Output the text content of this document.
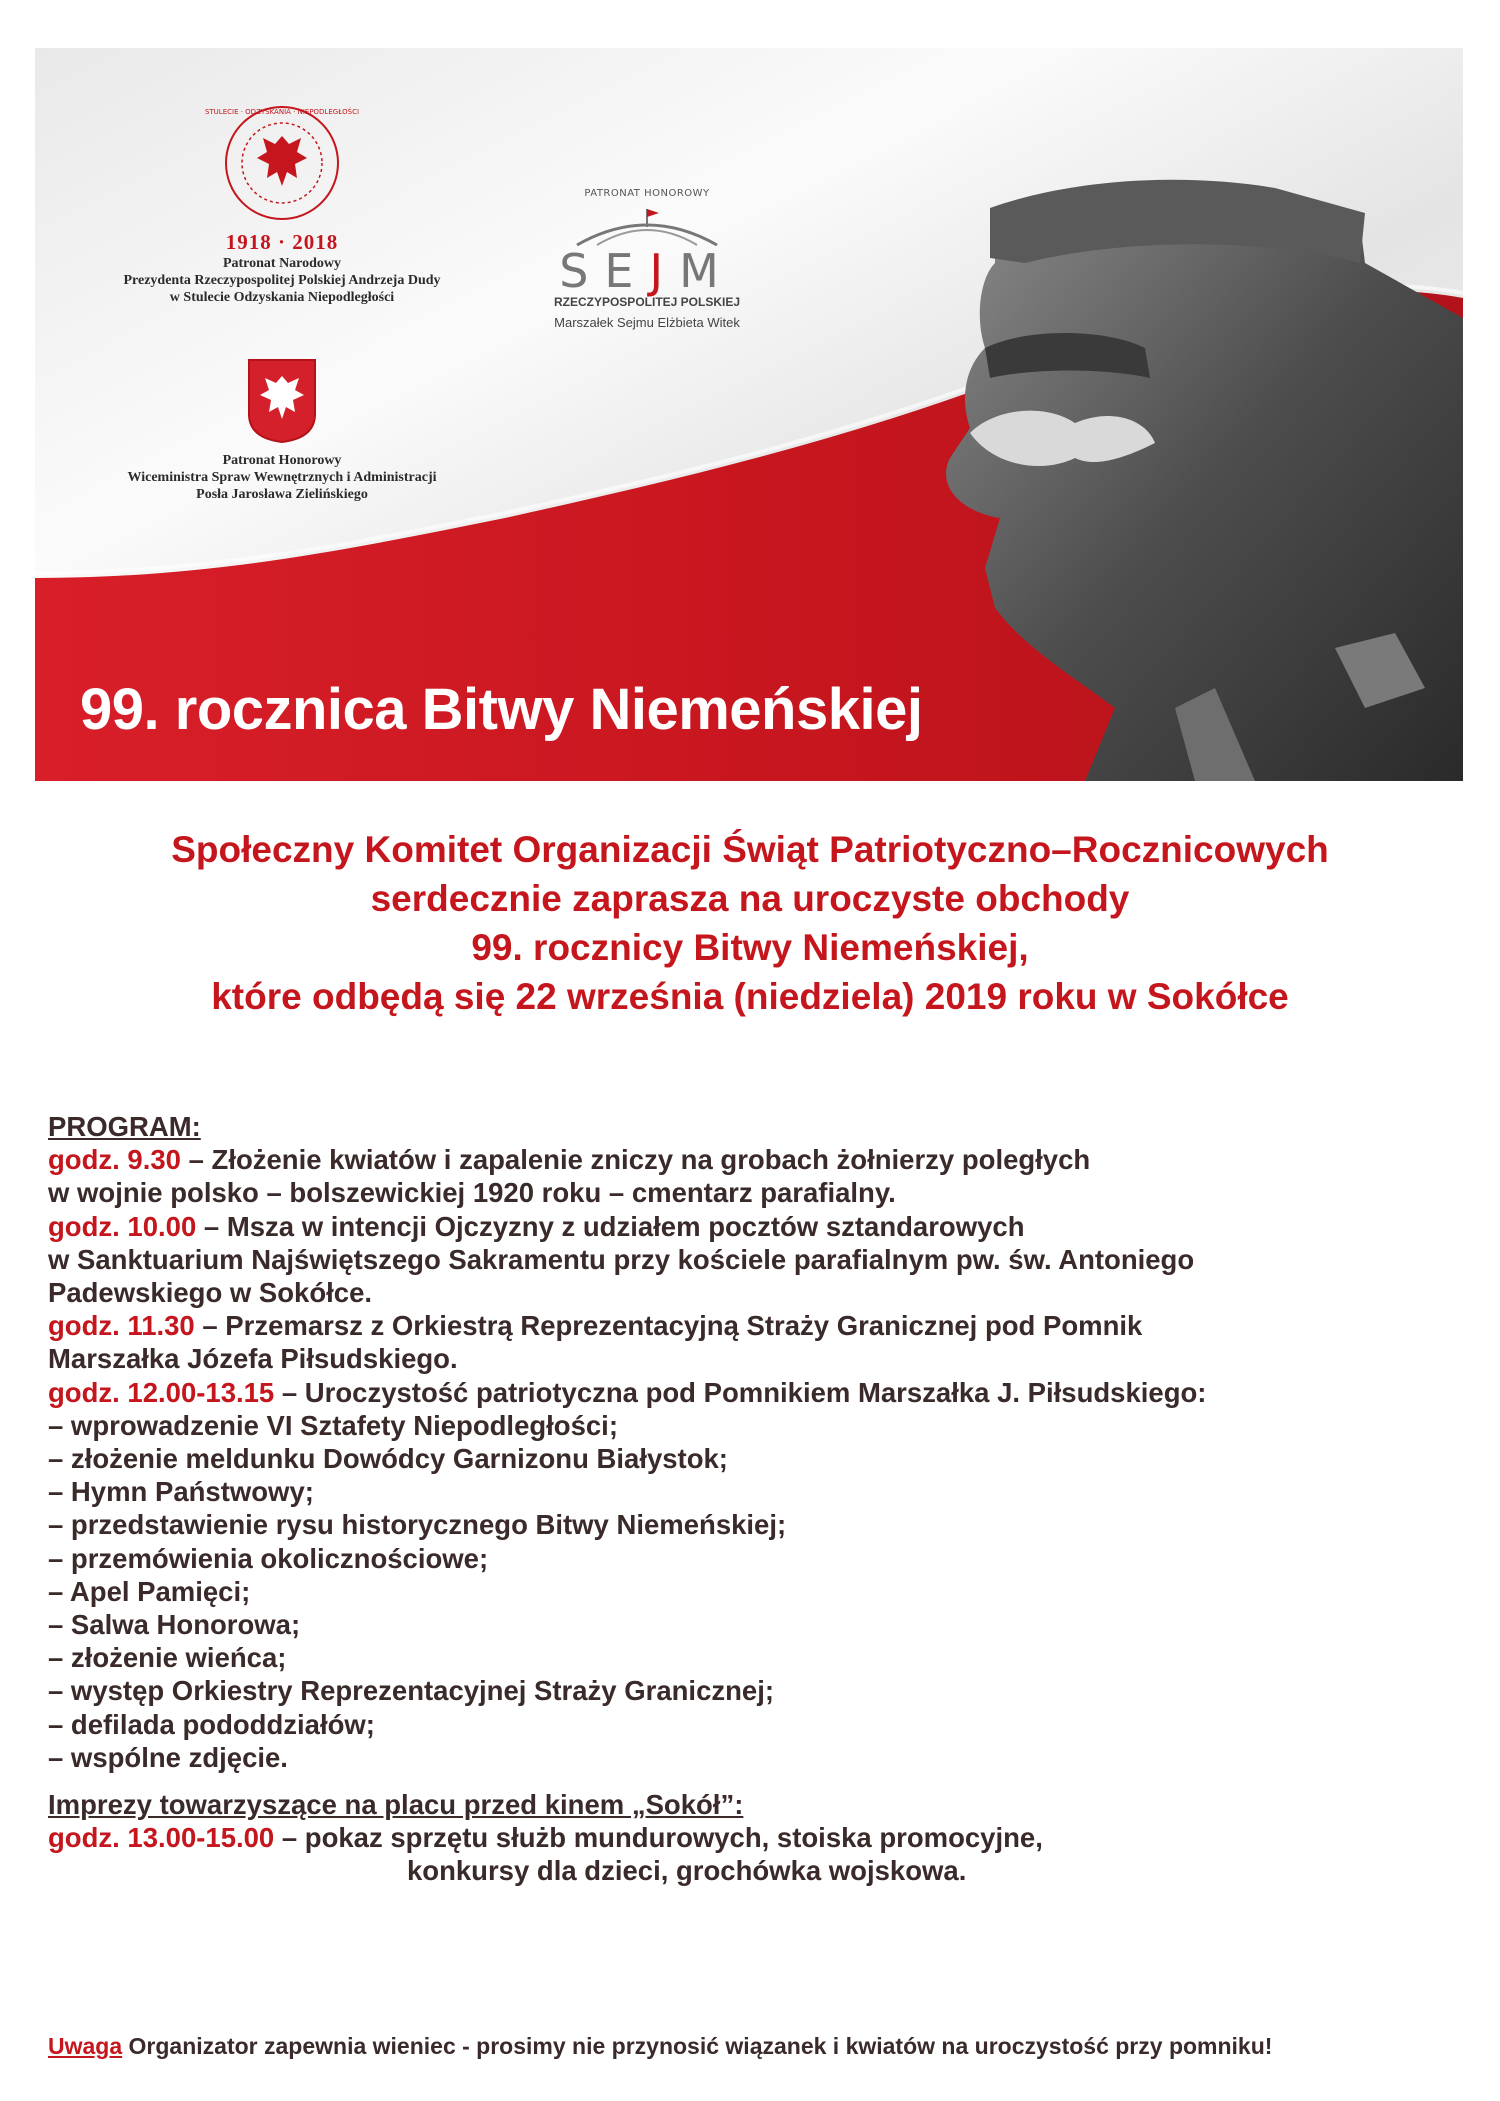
STULECIE · ODZYSKANIA · NIEPODLEGŁOŚCI
1918 · 2018
Patronat Narodowy
Prezydenta Rzeczypospolitej Polskiej Andrzeja Dudy
w Stulecie Odzyskania Niepodległości
PATRONAT HONOROWY
SEJM
RZECZYPOSPOLITEJ POLSKIEJ
Marszałek Sejmu Elżbieta Witek
Patronat Honorowy
Wiceministra Spraw Wewnętrznych i Administracji
Posła Jarosława Zielińskiego
99. rocznica Bitwy Niemeńskiej
Społeczny Komitet Organizacji Świąt Patriotyczno–Rocznicowych
serdecznie zaprasza na uroczyste obchody
99. rocznicy Bitwy Niemeńskiej,
które odbędą się 22 września (niedziela) 2019 roku w Sokółce
PROGRAM:
godz. 9.30 – Złożenie kwiatów i zapalenie zniczy na grobach żołnierzy poległych
w wojnie polsko – bolszewickiej 1920 roku – cmentarz parafialny.
godz. 10.00 – Msza w intencji Ojczyzny z udziałem pocztów sztandarowych
w Sanktuarium Najświętszego Sakramentu przy kościele parafialnym pw. św. Antoniego
Padewskiego w Sokółce.
godz. 11.30 – Przemarsz z Orkiestrą Reprezentacyjną Straży Granicznej pod Pomnik
Marszałka Józefa Piłsudskiego.
godz. 12.00-13.15 – Uroczystość patriotyczna pod Pomnikiem Marszałka J. Piłsudskiego:
– wprowadzenie VI Sztafety Niepodległości;
– złożenie meldunku Dowódcy Garnizonu Białystok;
– Hymn Państwowy;
– przedstawienie rysu historycznego Bitwy Niemeńskiej;
– przemówienia okolicznościowe;
– Apel Pamięci;
– Salwa Honorowa;
– złożenie wieńca;
– występ Orkiestry Reprezentacyjnej Straży Granicznej;
– defilada pododdziałów;
– wspólne zdjęcie.
Imprezy towarzyszące na placu przed kinem „Sokół”:
godz. 13.00-15.00 – pokaz sprzętu służb mundurowych, stoiska promocyjne,
konkursy dla dzieci, grochówka wojskowa.
Uwaga Organizator zapewnia wieniec - prosimy nie przynosić wiązanek i kwiatów na uroczystość przy pomniku!
